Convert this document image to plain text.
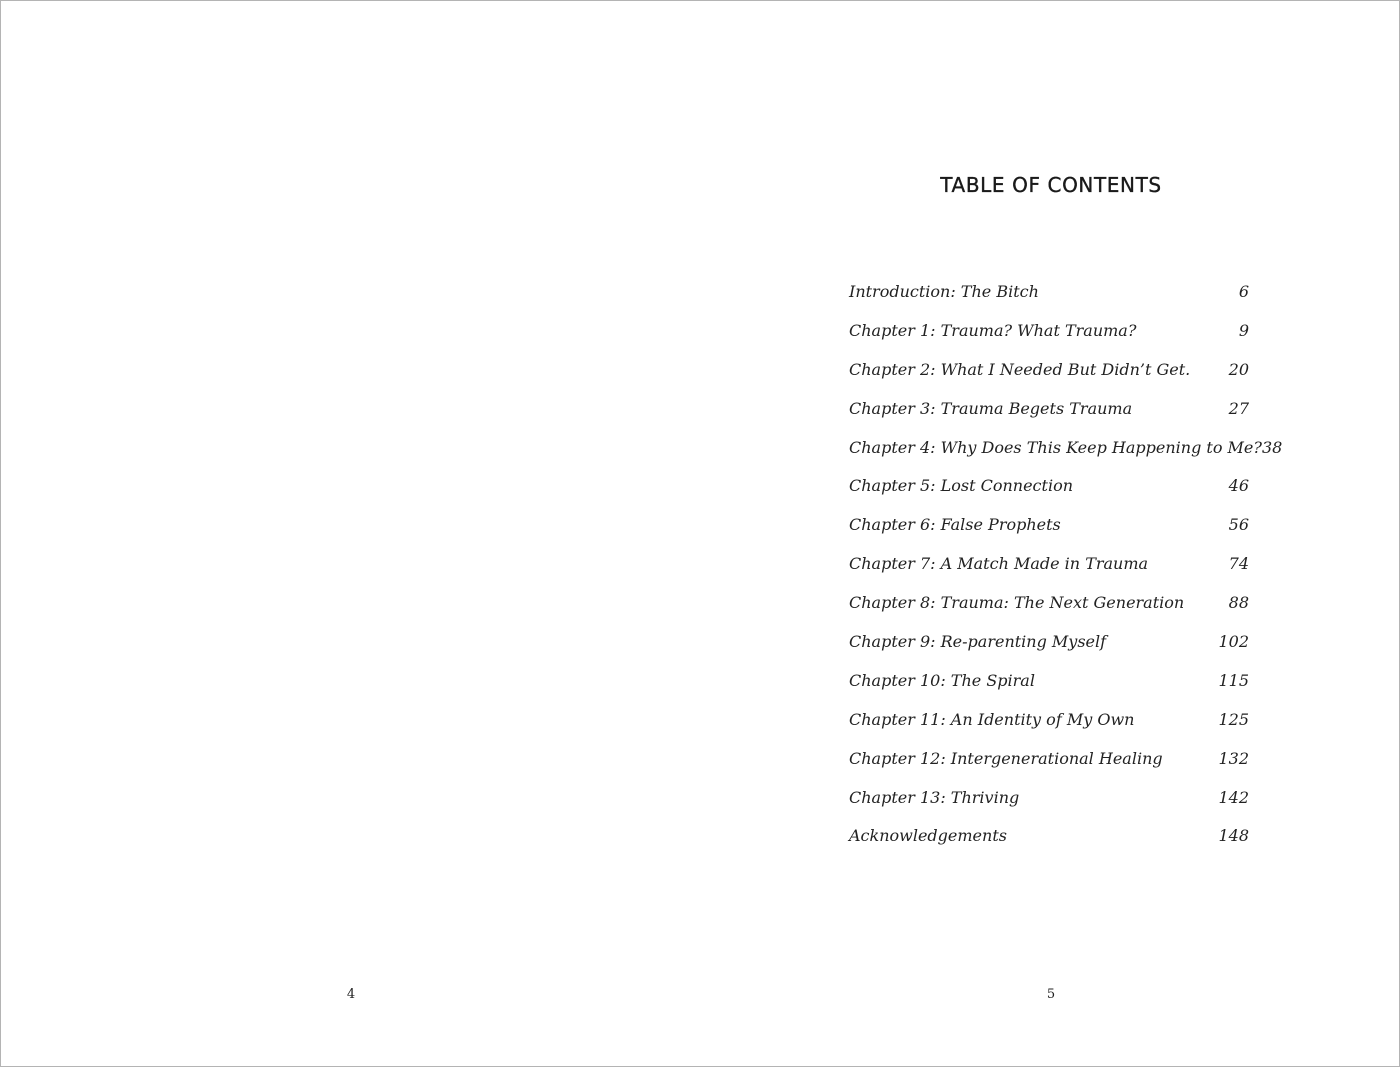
4
TABLE OF CONTENTS
Introduction: The Bitch	6
Chapter 1: Trauma? What Trauma?	9
Chapter 2: What I Needed But Didn’t Get. 20
Chapter 3: Trauma Begets Trauma	27
Chapter 4: Why Does This Keep Happening to Me? 38
Chapter 5: Lost Connection	46
Chapter 6: False Prophets	56
Chapter 7: A Match Made in Trauma	74
Chapter 8: Trauma: The Next Generation	88
Chapter 9: Re-parenting Myself	102
Chapter 10: The Spiral	115
Chapter 11: An Identity of My Own	125
Chapter 12: Intergenerational Healing	132
Chapter 13: Thriving	142
Acknowledgements	148
5
